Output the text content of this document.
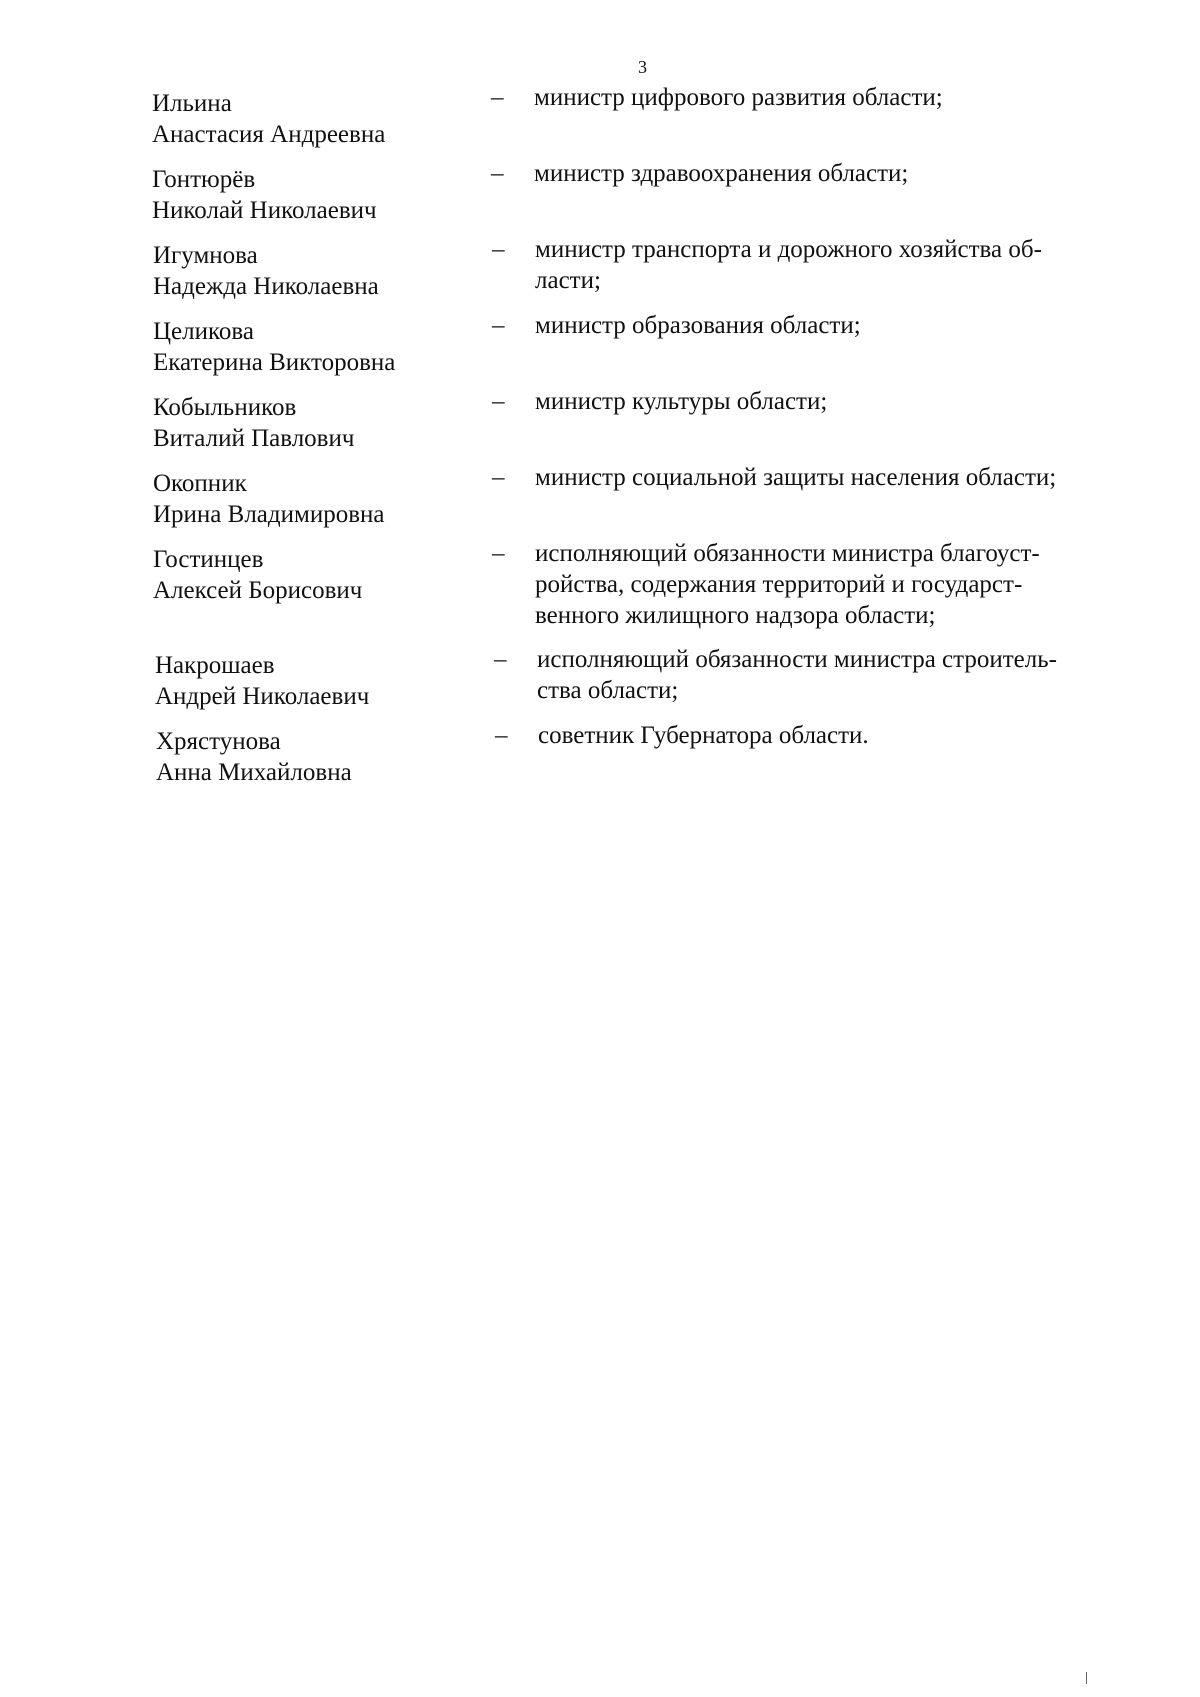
3
Ильина
Анастасия Андреевна
–	министр цифрового развития области;
Гонтюрёв
Николай Николаевич
–	министр здравоохранения области;
Игумнова
Надежда Николаевна
–	министр транспорта и дорожного хозяйства об-
ласти;
Целикова
Екатерина Викторовна
–	министр образования области;
Кобыльников
Виталий Павлович
–	министр культуры области;
Окопник
Ирина Владимировна
–	министр социальной защиты населения области;
Гостинцев
Алексей Борисович
–	исполняющий обязанности министра благоуст-
ройства, содержания территорий и государст-
венного жилищного надзора области;
Накрошаев
Андрей Николаевич
–	исполняющий обязанности министра строитель-
ства области;
Хрястунова
Анна Михайловна
–	советник Губернатора области.
